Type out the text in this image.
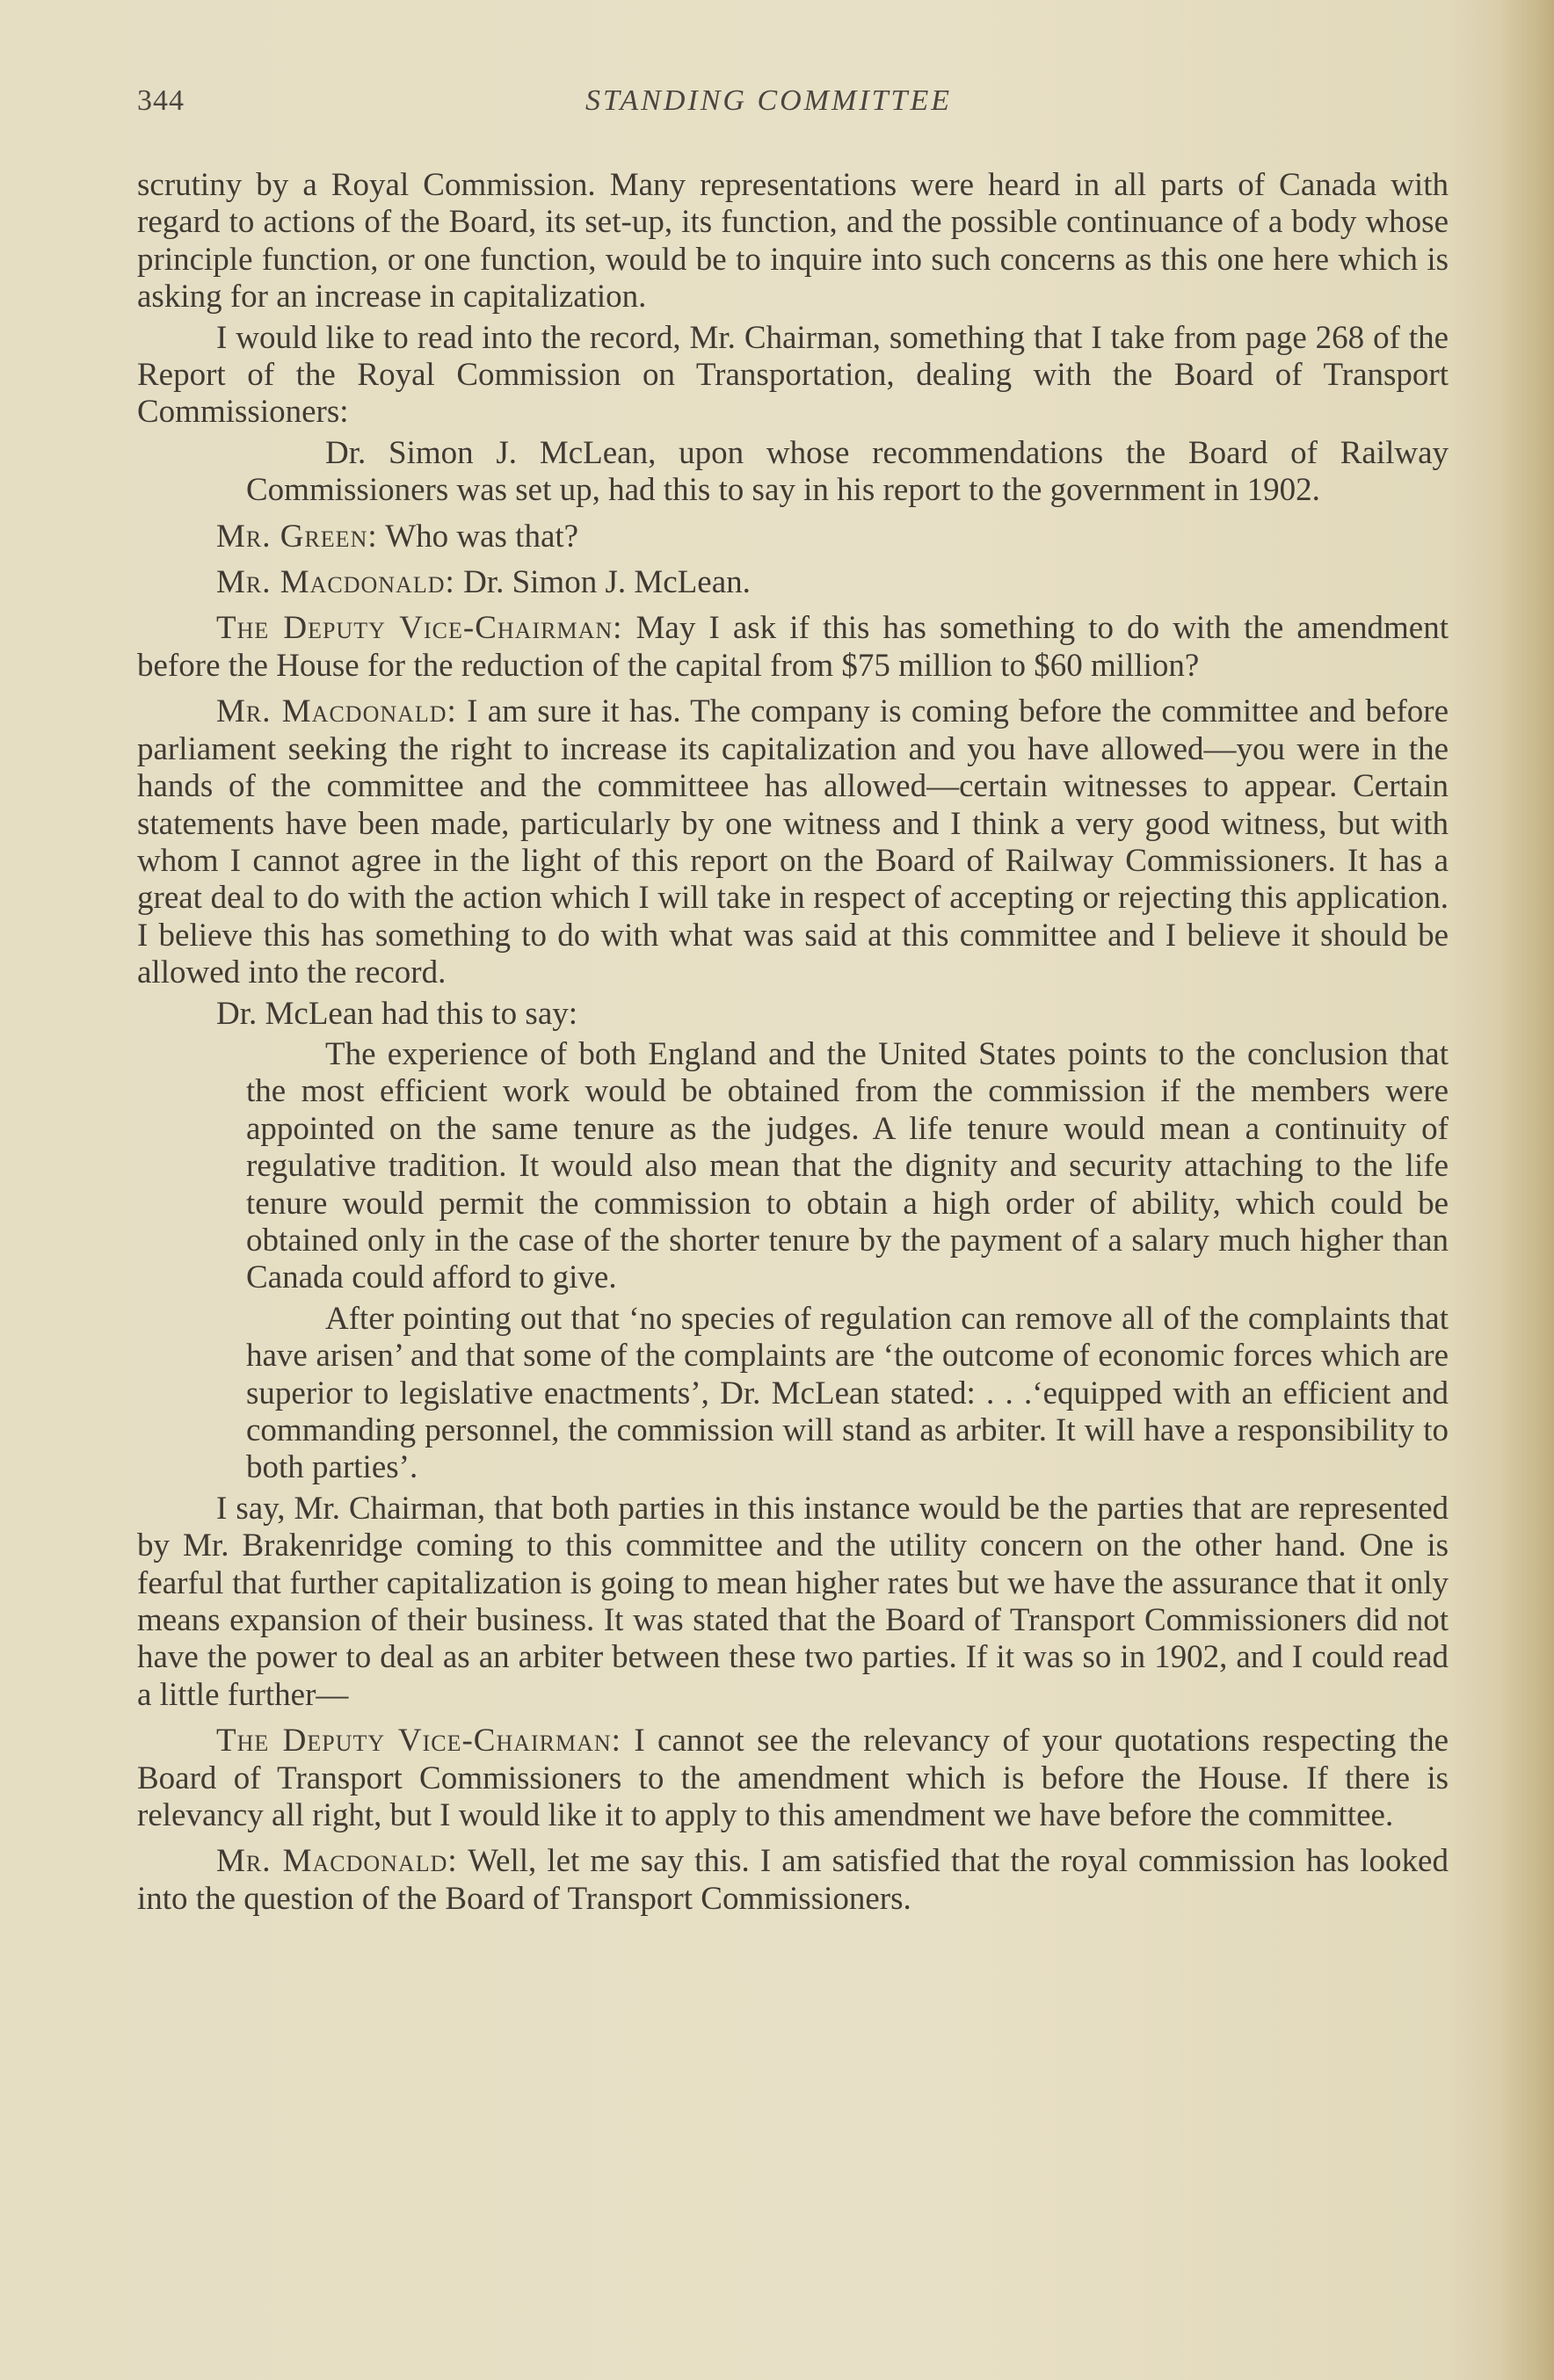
344	STANDING COMMITTEE

scrutiny by a Royal Commission. Many representations were heard in all parts of Canada with regard to actions of the Board, its set-up, its function, and the possible continuance of a body whose principle function, or one function, would be to inquire into such concerns as this one here which is asking for an increase in capitalization.

I would like to read into the record, Mr. Chairman, something that I take from page 268 of the Report of the Royal Commission on Transportation, dealing with the Board of Transport Commissioners:

Dr. Simon J. McLean, upon whose recommendations the Board of Railway Commissioners was set up, had this to say in his report to the government in 1902.

Mr. Green: Who was that?

Mr. Macdonald: Dr. Simon J. McLean.

The Deputy Vice-Chairman: May I ask if this has something to do with the amendment before the House for the reduction of the capital from $75 million to $60 million?

Mr. Macdonald: I am sure it has. The company is coming before the committee and before parliament seeking the right to increase its capitalization and you have allowed—you were in the hands of the committee and the committeee has allowed—certain witnesses to appear. Certain statements have been made, particularly by one witness and I think a very good witness, but with whom I cannot agree in the light of this report on the Board of Railway Commissioners. It has a great deal to do with the action which I will take in respect of accepting or rejecting this application. I believe this has something to do with what was said at this committee and I believe it should be allowed into the record.

Dr. McLean had this to say:

The experience of both England and the United States points to the conclusion that the most efficient work would be obtained from the commission if the members were appointed on the same tenure as the judges. A life tenure would mean a continuity of regulative tradition. It would also mean that the dignity and security attaching to the life tenure would permit the commission to obtain a high order of ability, which could be obtained only in the case of the shorter tenure by the payment of a salary much higher than Canada could afford to give.

After pointing out that ‘no species of regulation can remove all of the complaints that have arisen’ and that some of the complaints are ‘the outcome of economic forces which are superior to legislative enactments’, Dr. McLean stated: . . .‘equipped with an efficient and commanding personnel, the commission will stand as arbiter. It will have a responsibility to both parties’.

I say, Mr. Chairman, that both parties in this instance would be the parties that are represented by Mr. Brakenridge coming to this committee and the utility concern on the other hand. One is fearful that further capitalization is going to mean higher rates but we have the assurance that it only means expansion of their business. It was stated that the Board of Transport Commissioners did not have the power to deal as an arbiter between these two parties. If it was so in 1902, and I could read a little further—

The Deputy Vice-Chairman: I cannot see the relevancy of your quotations respecting the Board of Transport Commissioners to the amendment which is before the House. If there is relevancy all right, but I would like it to apply to this amendment we have before the committee.

Mr. Macdonald: Well, let me say this. I am satisfied that the royal commission has looked into the question of the Board of Transport Commissioners.
